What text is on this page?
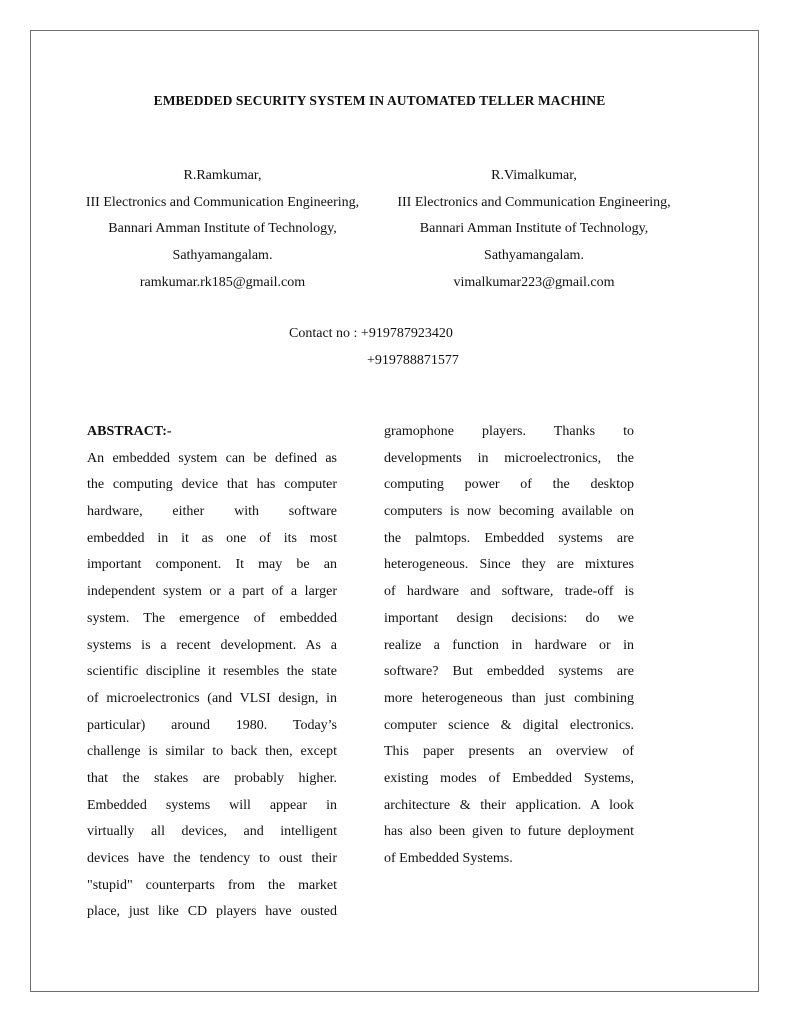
EMBEDDED SECURITY SYSTEM IN AUTOMATED TELLER MACHINE
R.Ramkumar,
III Electronics and Communication Engineering,
Bannari Amman Institute of Technology,
Sathyamangalam.
ramkumar.rk185@gmail.com
R.Vimalkumar,
III Electronics and Communication Engineering,
Bannari Amman Institute of Technology,
Sathyamangalam.
vimalkumar223@gmail.com
Contact no : +919787923420
+919788871577
ABSTRACT:-
An embedded system can be defined as
the computing device that has computer
hardware, either with software
embedded in it as one of its most
important component. It may be an
independent system or a part of a larger
system. The emergence of embedded
systems is a recent development. As a
scientific discipline it resembles the state
of microelectronics (and VLSI design, in
particular) around 1980. Today’s
challenge is similar to back then, except
that the stakes are probably higher.
Embedded systems will appear in
virtually all devices, and intelligent
devices have the tendency to oust their
"stupid" counterparts from the market
place, just like CD players have ousted
gramophone players. Thanks to
developments in microelectronics, the
computing power of the desktop
computers is now becoming available on
the palmtops. Embedded systems are
heterogeneous. Since they are mixtures
of hardware and software, trade-off is
important design decisions: do we
realize a function in hardware or in
software? But embedded systems are
more heterogeneous than just combining
computer science & digital electronics.
This paper presents an overview of
existing modes of Embedded Systems,
architecture & their application. A look
has also been given to future deployment
of Embedded Systems.
